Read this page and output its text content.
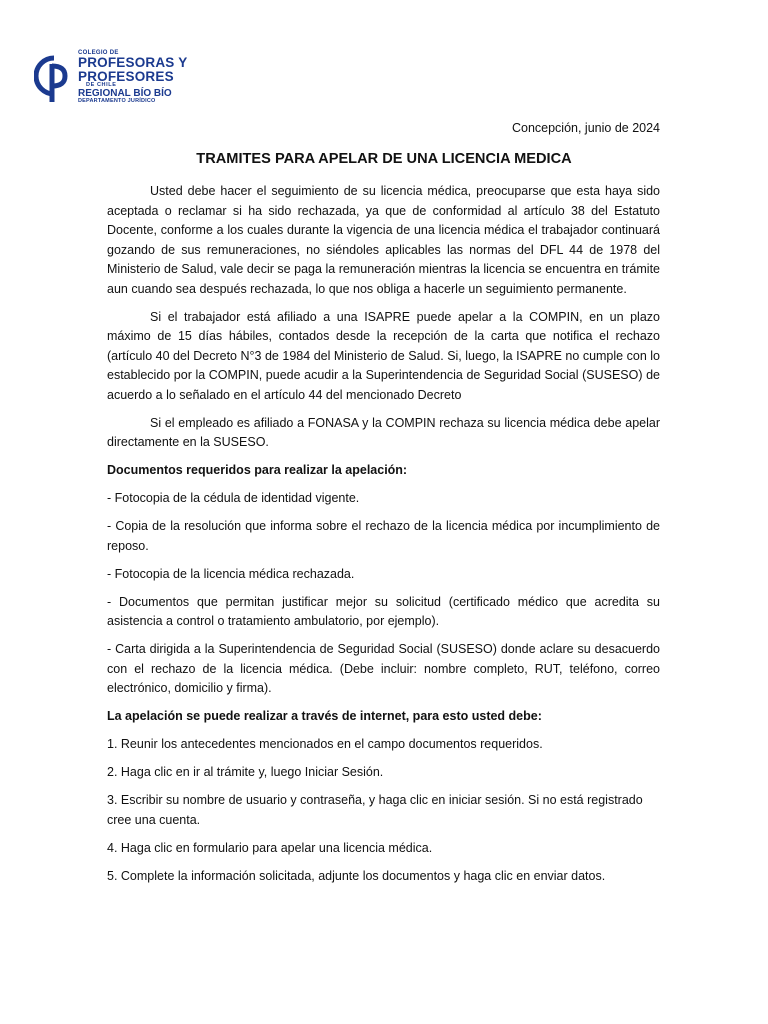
COLEGIO DE
PROFESORAS Y
PROFESORES
DE CHILE
REGIONAL BÍO BÍO
DEPARTAMENTO JURÍDICO
Concepción, junio de 2024
TRAMITES PARA APELAR DE UNA LICENCIA MEDICA

Usted debe hacer el seguimiento de su licencia médica, preocuparse que esta haya sido aceptada o reclamar si ha sido rechazada, ya que de conformidad al artículo 38 del Estatuto Docente, conforme a los cuales durante la vigencia de una licencia médica el trabajador continuará gozando de sus remuneraciones, no siéndoles aplicables las normas del DFL 44 de 1978 del Ministerio de Salud, vale decir se paga la remuneración mientras la licencia se encuentra en trámite aun cuando sea después rechazada, lo que nos obliga a hacerle un seguimiento permanente.

Si el trabajador está afiliado a una ISAPRE puede apelar a la COMPIN, en un plazo máximo de 15 días hábiles, contados desde la recepción de la carta que notifica el rechazo (artículo 40 del Decreto N°3 de 1984 del Ministerio de Salud. Si, luego, la ISAPRE no cumple con lo establecido por la COMPIN, puede acudir a la Superintendencia de Seguridad Social (SUSESO) de acuerdo a lo señalado en el artículo 44 del mencionado Decreto

Si el empleado es afiliado a FONASA y la COMPIN rechaza su licencia médica debe apelar directamente en la SUSESO.

Documentos requeridos para realizar la apelación:

- Fotocopia de la cédula de identidad vigente.

- Copia de la resolución que informa sobre el rechazo de la licencia médica por incumplimiento de reposo.

- Fotocopia de la licencia médica rechazada.

- Documentos que permitan justificar mejor su solicitud (certificado médico que acredita su asistencia a control o tratamiento ambulatorio, por ejemplo).

- Carta dirigida a la Superintendencia de Seguridad Social (SUSESO) donde aclare su desacuerdo con el rechazo de la licencia médica. (Debe incluir: nombre completo, RUT, teléfono, correo electrónico, domicilio y firma).

La apelación se puede realizar a través de internet, para esto usted debe:

1. Reunir los antecedentes mencionados en el campo documentos requeridos.

2. Haga clic en ir al trámite y, luego Iniciar Sesión.

3. Escribir su nombre de usuario y contraseña, y haga clic en iniciar sesión. Si no está registrado cree una cuenta.

4. Haga clic en formulario para apelar una licencia médica.

5. Complete la información solicitada, adjunte los documentos y haga clic en enviar datos.
